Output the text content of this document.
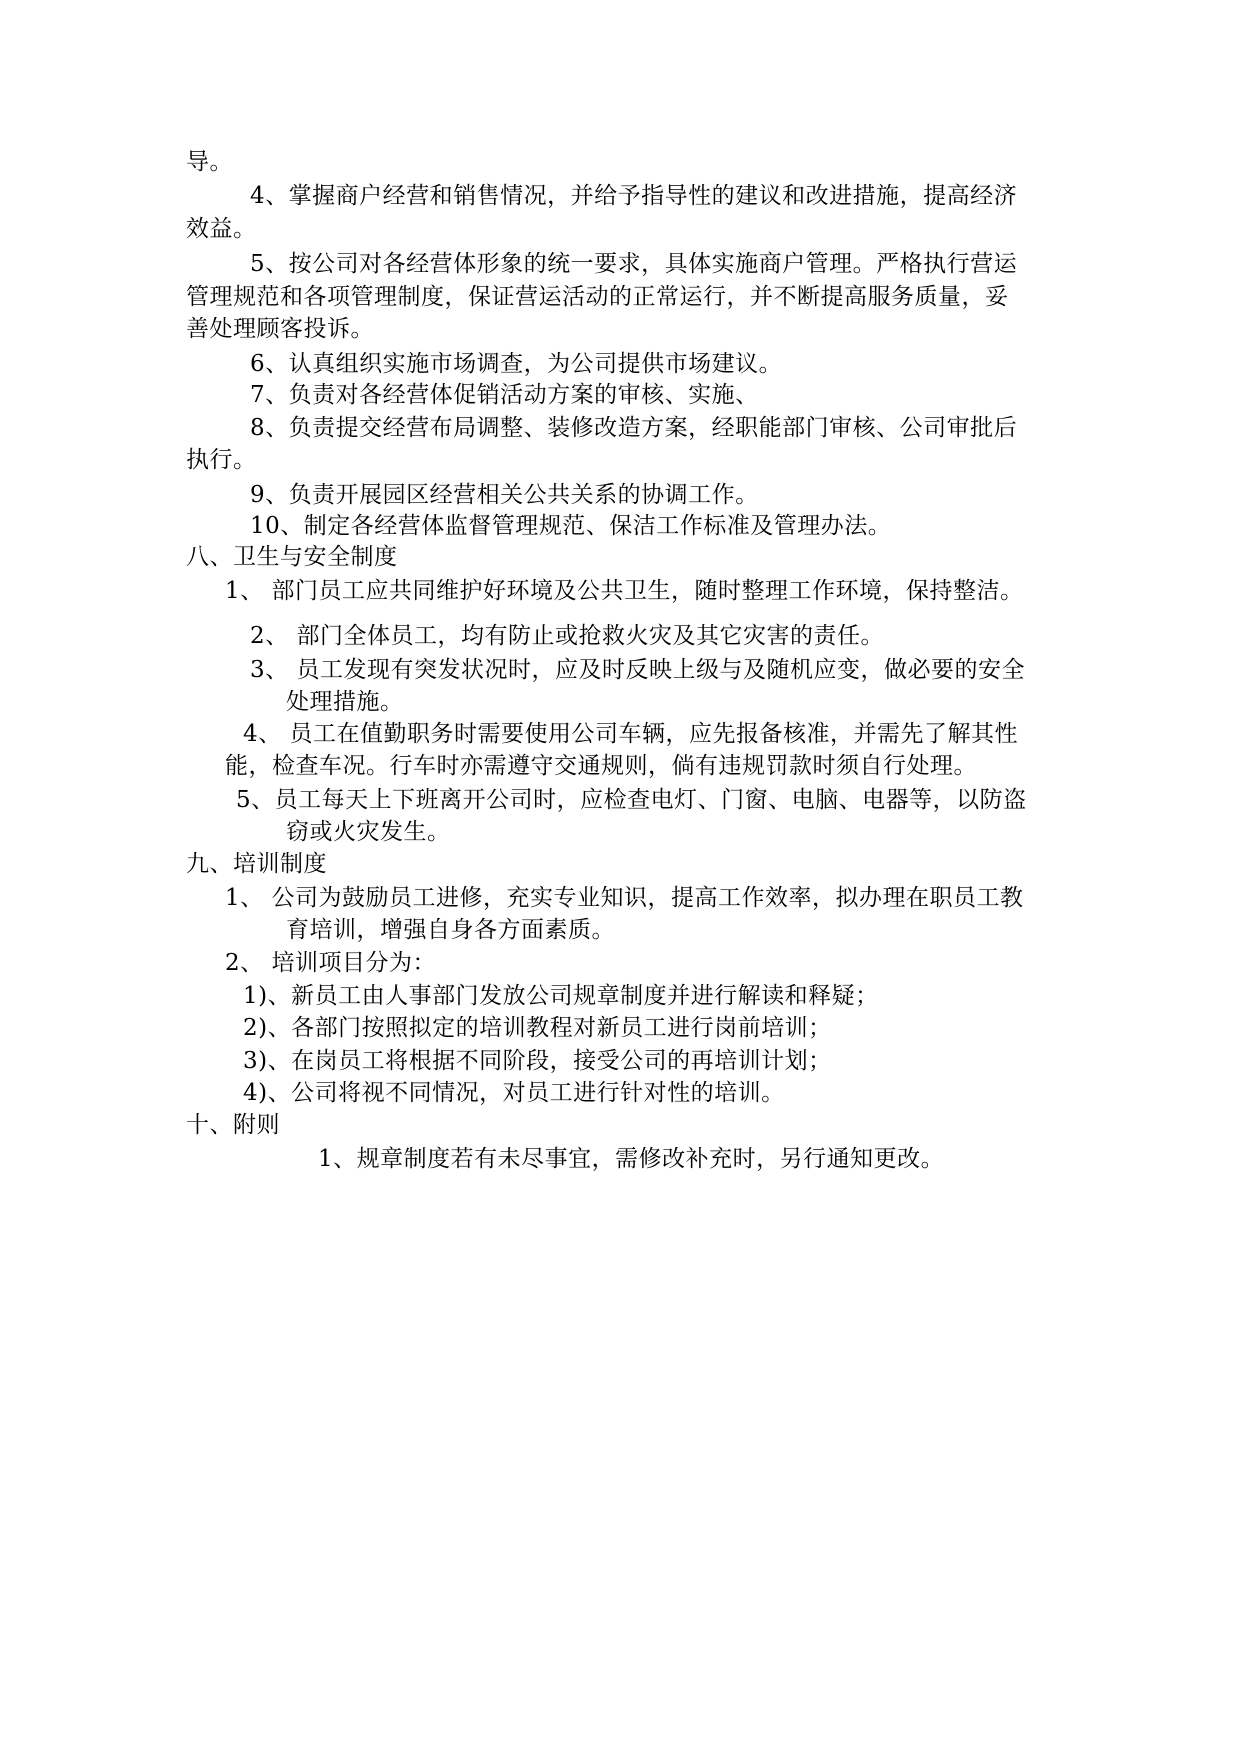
导。
4、掌握商户经营和销售情况，并给予指导性的建议和改进措施，提高经济
效益。
5、按公司对各经营体形象的统一要求，具体实施商户管理。严格执行营运
管理规范和各项管理制度，保证营运活动的正常运行，并不断提高服务质量，妥
善处理顾客投诉。
6、认真组织实施市场调查，为公司提供市场建议。
7、负责对各经营体促销活动方案的审核、实施、
8、负责提交经营布局调整、装修改造方案，经职能部门审核、公司审批后
执行。
9、负责开展园区经营相关公共关系的协调工作。
10、制定各经营体监督管理规范、保洁工作标准及管理办法。
八、卫生与安全制度
1、 部门员工应共同维护好环境及公共卫生，随时整理工作环境，保持整洁。
2、 部门全体员工，均有防止或抢救火灾及其它灾害的责任。
3、 员工发现有突发状况时，应及时反映上级与及随机应变，做必要的安全
处理措施。
4、 员工在值勤职务时需要使用公司车辆，应先报备核准，并需先了解其性
能，检查车况。行车时亦需遵守交通规则，倘有违规罚款时须自行处理。
5、员工每天上下班离开公司时，应检查电灯、门窗、电脑、电器等，以防盗
窃或火灾发生。
九、培训制度
1、 公司为鼓励员工进修，充实专业知识，提高工作效率，拟办理在职员工教
育培训，增强自身各方面素质。
2、 培训项目分为：
1)、新员工由人事部门发放公司规章制度并进行解读和释疑；
2)、各部门按照拟定的培训教程对新员工进行岗前培训；
3)、在岗员工将根据不同阶段，接受公司的再培训计划；
4)、公司将视不同情况，对员工进行针对性的培训。
十、附则
1、规章制度若有未尽事宜，需修改补充时，另行通知更改。
